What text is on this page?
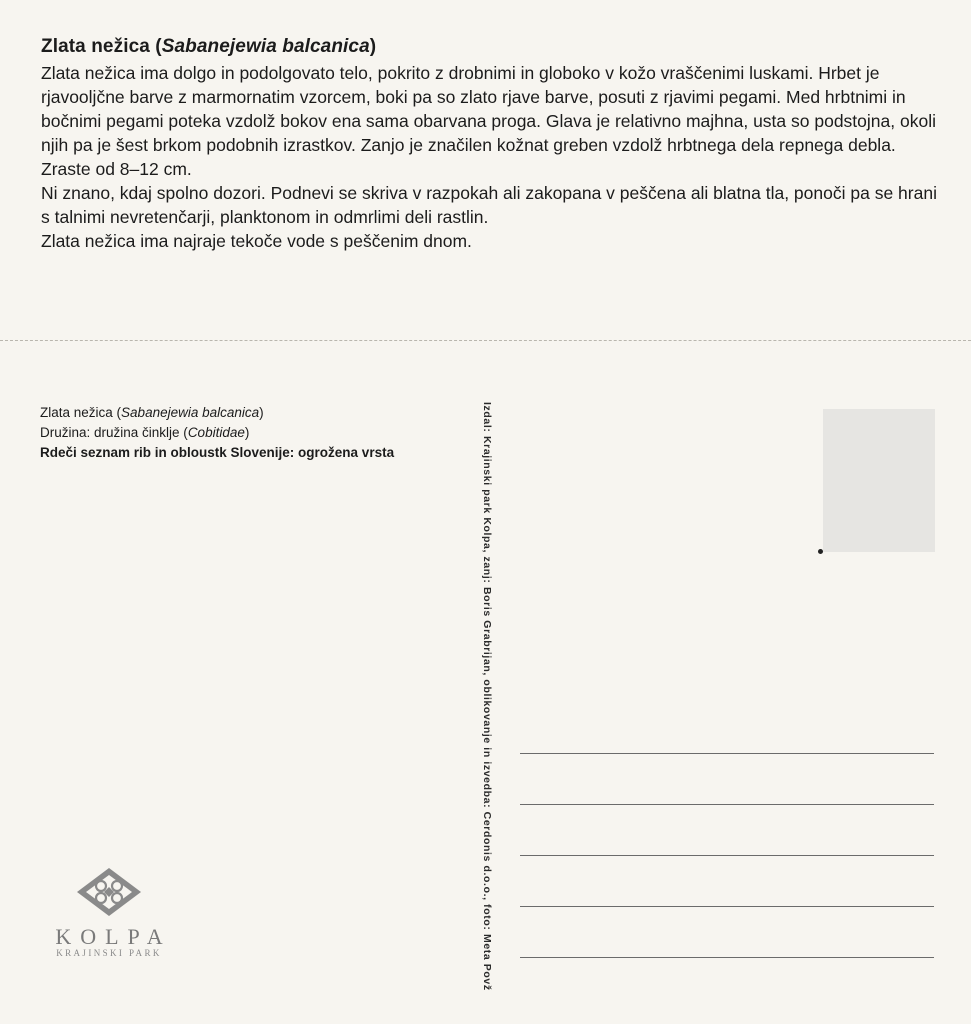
Zlata nežica (Sabanejewia balcanica)

Zlata nežica ima dolgo in podolgovato telo, pokrito z drobnimi in globoko v kožo vraščenimi luskami. Hrbet je rjavoolјčne barve z marmornatim vzorcem, boki pa so zlato rjave barve, posuti z rjavimi pegami. Med hrbtnimi in bočnimi pegami poteka vzdolž bokov ena sama obarvana proga. Glava je relativno majhna, usta so podstojna, okoli njih pa je šest brkom podobnih izrastkov. Zanjo je značilen kožnat greben vzdolž hrbtnega dela repnega debla. Zraste od 8–12 cm.

Ni znano, kdaj spolno dozori. Podnevi se skriva v razpokah ali zakopana v peščena ali blatna tla, ponoči pa se hrani s talnimi nevretenčarji, planktonom in odmrlimi deli rastlin.

Zlata nežica ima najraje tekoče vode s peščenim dnom.

Zlata nežica (Sabanejewia balcanica)
Družina: družina činklje (Cobitidae)
Rdeči seznam rib in obloustk Slovenije: ogrožena vrsta	Izdal: Krajinski park Kolpa, zanj: Boris Grabrijan, oblikovanje in izvedba: Cerdonis d.o.o., foto: Meta Povž
KOLPA
KRAJINSKI PARK
